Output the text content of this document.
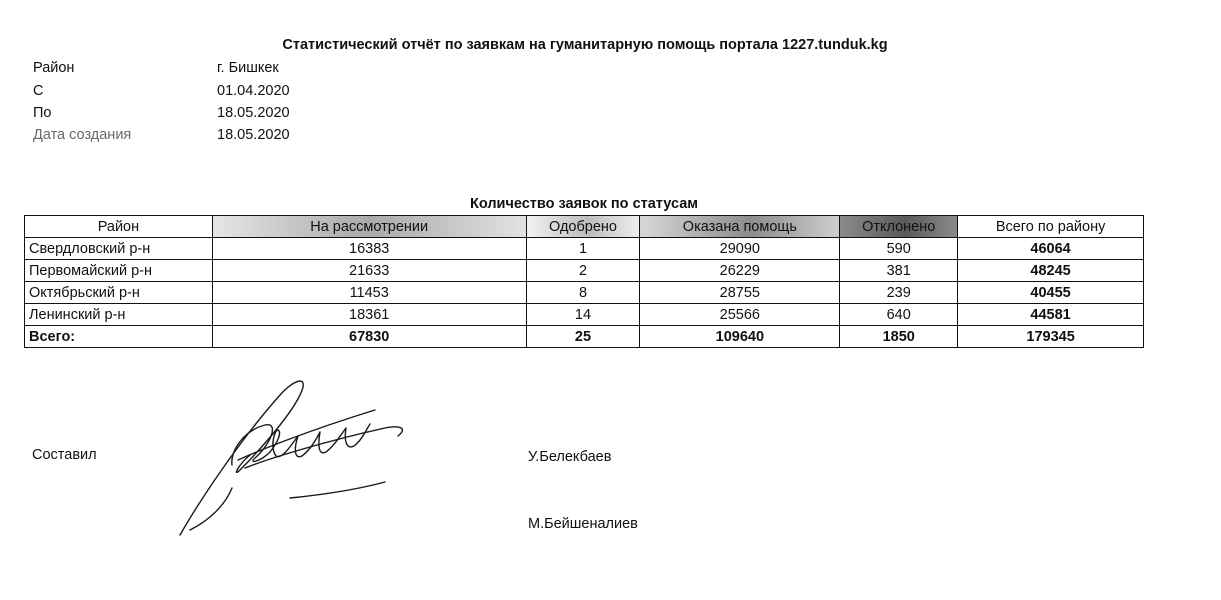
Статистический отчёт по заявкам на гуманитарную помощь портала 1227.tunduk.kg
Район	г. Бишкек
С	01.04.2020
По	18.05.2020
Дата создания	18.05.2020
Количество заявок по статусам
Район	На рассмотрении	Одобрено	Оказана помощь	Отклонено	Всего по району
Свердловский р-н	16383	1	29090	590	46064
Первомайский р-н	21633	2	26229	381	48245
Октябрьский р-н	11453	8	28755	239	40455
Ленинский р-н	18361	14	25566	640	44581
Всего:	67830	25	109640	1850	179345
Составил	У.Белекбаев
М.Бейшеналиев
